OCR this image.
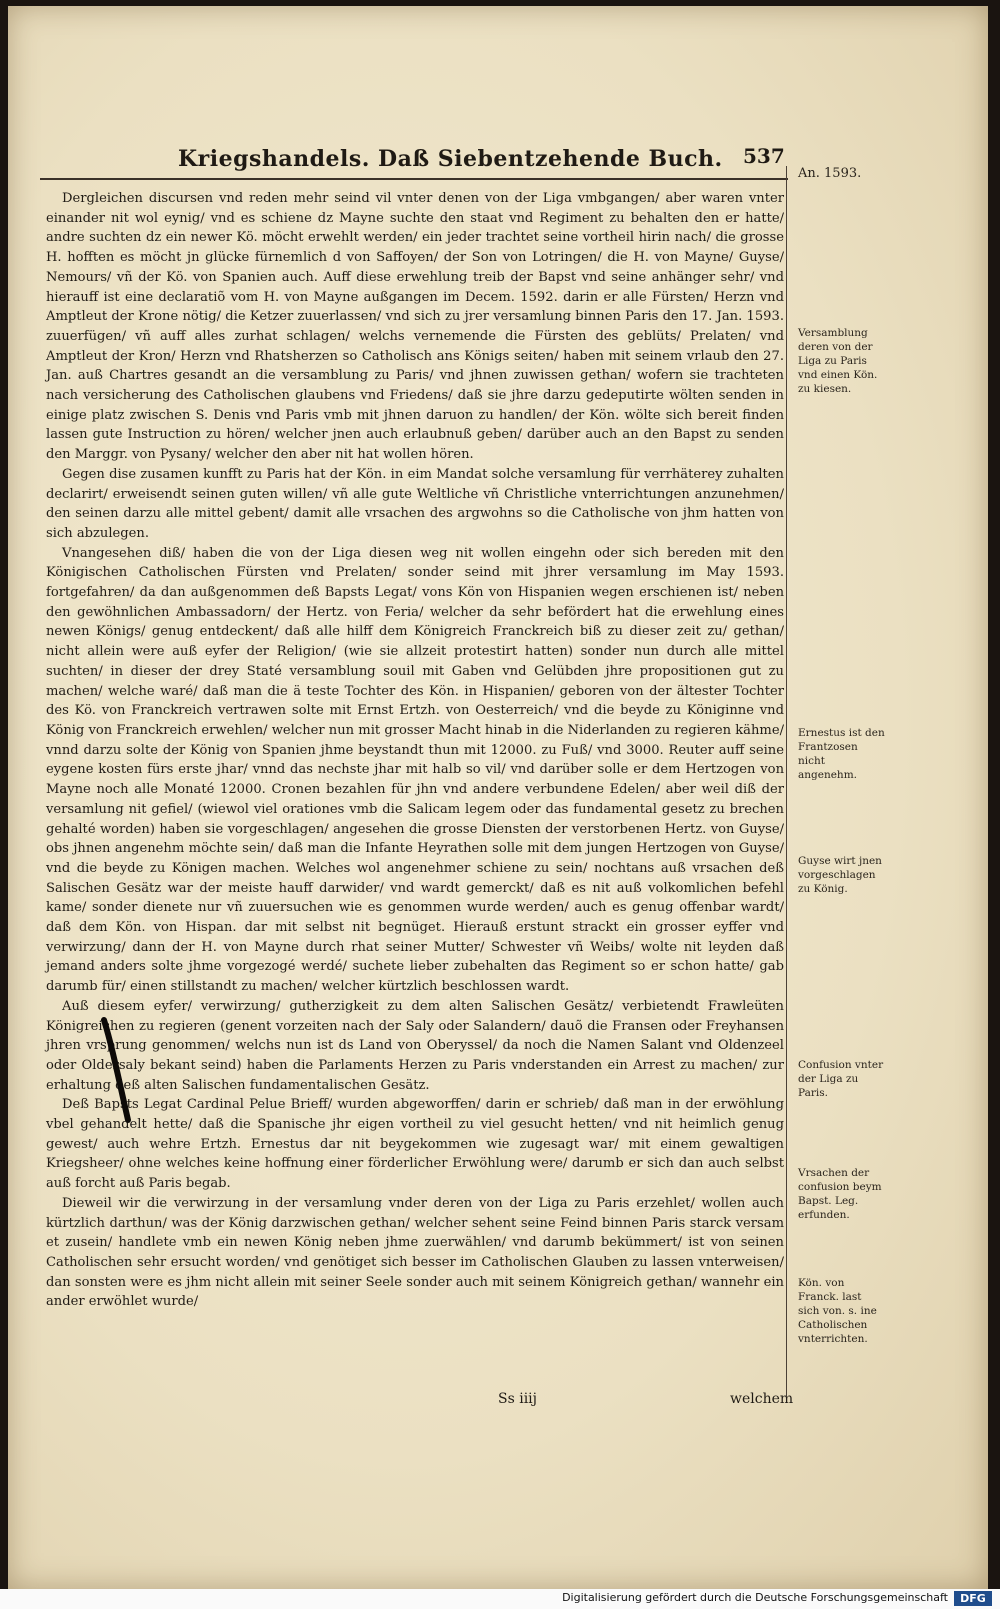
Kriegshandels. Daß Siebentzehende Buch. 537
An. 1593.

Dergleichen discursen vnd reden mehr seind vil vnter denen von der Liga vmbgangen/ aber waren vnter einander nit wol eynig/ vnd es schiene dz Mayne suchte den staat vnd Regiment zu behalten den er hatte/ andre suchten dz ein newer Kö. möcht erwehlt werden/ ein jeder trachtet seine vortheil hirin nach/ die grosse H. hofften es möcht jn glücke fürnemlich d von Saffoyen/ der Son von Lotringen/ die H. von Mayne/ Guyse/ Nemours/ vñ der Kö. von Spanien auch. Auff diese erwehlung treib der Bapst vnd seine anhänger sehr/ vnd hierauff ist eine declaratiõ vom H. von Mayne außgangen im Decem. 1592. darin er alle Fürsten/ Herzn vnd Amptleut der Krone nötig/ die Ketzer zuuerlassen/ vnd sich zu jrer versamlung binnen Paris den 17. Jan. 1593. zuuerfügen/ vñ auff alles zurhat schlagen/ welchs vernemende die Fürsten des geblüts/ Prelaten/ vnd Amptleut der Kron/ Herzn vnd Rhatsherzen so Catholisch ans Königs seiten/ haben mit seinem vrlaub den 27. Jan. auß Chartres gesandt an die versamblung zu Paris/ vnd jhnen zuwissen gethan/ wofern sie trachteten nach versicherung des Catholischen glaubens vnd Friedens/ daß sie jhre darzu gedeputirte wölten senden in einige platz zwischen S. Denis vnd Paris vmb mit jhnen daruon zu handlen/ der Kön. wölte sich bereit finden lassen gute Instruction zu hören/ welcher jnen auch erlaubnuß geben/ darüber auch an den Bapst zu senden den Marggr. von Pysany/ welcher den aber nit hat wollen hören.

Gegen dise zusamen kunfft zu Paris hat der Kön. in eim Mandat solche versamlung für verrhäterey zuhalten declarirt/ erweisendt seinen guten willen/ vñ alle gute Weltliche vñ Christliche vnterrichtungen anzunehmen/ den seinen darzu alle mittel gebent/ damit alle vrsachen des argwohns so die Catholische von jhm hatten von sich abzulegen.

Vnangesehen diß/ haben die von der Liga diesen weg nit wollen eingehn oder sich bereden mit den Königischen Catholischen Fürsten vnd Prelaten/ sonder seind mit jhrer versamlung im May 1593. fortgefahren/ da dan außgenommen deß Bapsts Legat/ vons Kön von Hispanien wegen erschienen ist/ neben den gewöhnlichen Ambassadorn/ der Hertz. von Feria/ welcher da sehr befördert hat die erwehlung eines newen Königs/ genug entdeckent/ daß alle hilff dem Königreich Franckreich biß zu dieser zeit zu/ gethan/ nicht allein were auß eyfer der Religion/ (wie sie allzeit protestirt hatten) sonder nun durch alle mittel suchten/ in dieser der drey Staté versamblung souil mit Gaben vnd Gelübden jhre propositionen gut zu machen/ welche waré/ daß man die ä teste Tochter des Kön. in Hispanien/ geboren von der ältester Tochter des Kö. von Franckreich vertrawen solte mit Ernst Ertzh. von Oesterreich/ vnd die beyde zu Königinne vnd König von Franckreich erwehlen/ welcher nun mit grosser Macht hinab in die Niderlanden zu regieren kähme/ vnnd darzu solte der König von Spanien jhme beystandt thun mit 12000. zu Fuß/ vnd 3000. Reuter auff seine eygene kosten fürs erste jhar/ vnnd das nechste jhar mit halb so vil/ vnd darüber solle er dem Hertzogen von Mayne noch alle Monaté 12000. Cronen bezahlen für jhn vnd andere verbundene Edelen/ aber weil diß der versamlung nit gefiel/ (wiewol viel orationes vmb die Salicam legem oder das fundamental gesetz zu brechen gehalté worden) haben sie vorgeschlagen/ angesehen die grosse Diensten der verstorbenen Hertz. von Guyse/ obs jhnen angenehm möchte sein/ daß man die Infante Heyrathen solle mit dem jungen Hertzogen von Guyse/ vnd die beyde zu Königen machen. Welches wol angenehmer schiene zu sein/ nochtans auß vrsachen deß Salischen Gesätz war der meiste hauff darwider/ vnd wardt gemerckt/ daß es nit auß volkomlichen befehl kame/ sonder dienete nur vñ zuuersuchen wie es genommen wurde werden/ auch es genug offenbar wardt/ daß dem Kön. von Hispan. dar mit selbst nit begnüget. Hierauß erstunt strackt ein grosser eyffer vnd verwirzung/ dann der H. von Mayne durch rhat seiner Mutter/ Schwester vñ Weibs/ wolte nit leyden daß jemand anders solte jhme vorgezogé werdé/ suchete lieber zubehalten das Regiment so er schon hatte/ gab darumb für/ einen stillstandt zu machen/ welcher kürtzlich beschlossen wardt.

Auß diesem eyfer/ verwirzung/ gutherzigkeit zu dem alten Salischen Gesätz/ verbietendt Frawleüten Königreichen zu regieren (genent vorzeiten nach der Saly oder Salandern/ dauõ die Fransen oder Freyhansen jhren vrsprung genommen/ welchs nun ist ds Land von Oberyssel/ da noch die Namen Salant vnd Oldenzeel oder Oldersaly bekant seind) haben die Parlaments Herzen zu Paris vnderstanden ein Arrest zu machen/ zur erhaltung deß alten Salischen fundamentalischen Gesätz.

Deß Bapsts Legat Cardinal Pelue Brieff/ wurden abgeworffen/ darin er schrieb/ daß man in der erwöhlung vbel gehandelt hette/ daß die Spanische jhr eigen vortheil zu viel gesucht hetten/ vnd nit heimlich genug gewest/ auch wehre Ertzh. Ernestus dar nit beygekommen wie zugesagt war/ mit einem gewaltigen Kriegsheer/ ohne welches keine hoffnung einer förderlicher Erwöhlung were/ darumb er sich dan auch selbst auß forcht auß Paris begab.

Dieweil wir die verwirzung in der versamlung vnder deren von der Liga zu Paris erzehlet/ wollen auch kürtzlich darthun/ was der König darzwischen gethan/ welcher sehent seine Feind binnen Paris starck versam et zusein/ handlete vmb ein newen König neben jhme zuerwählen/ vnd darumb bekümmert/ ist von seinen Catholischen sehr ersucht worden/ vnd genötiget sich besser im Catholischen Glauben zu lassen vnterweisen/ dan sonsten were es jhm nicht allein mit seiner Seele sonder auch mit seinem Königreich gethan/ wannehr ein ander erwöhlet wurde/

Versamblung deren von der Liga zu Paris vnd einen Kön. zu kiesen.
Ernestus ist den Frantzosen nicht angenehm.
Guyse wirt jnen vorgeschlagen zu König.
Confusion vnter der Liga zu Paris.
Vrsachen der confusion beym Bapst. Leg. erfunden.
Kön. von Franck. last sich von. s. ine Catholischen vnterrichten.
Ss iiij	welchem
Digitalisierung gefördert durch die Deutsche Forschungsgemeinschaft	DFG
